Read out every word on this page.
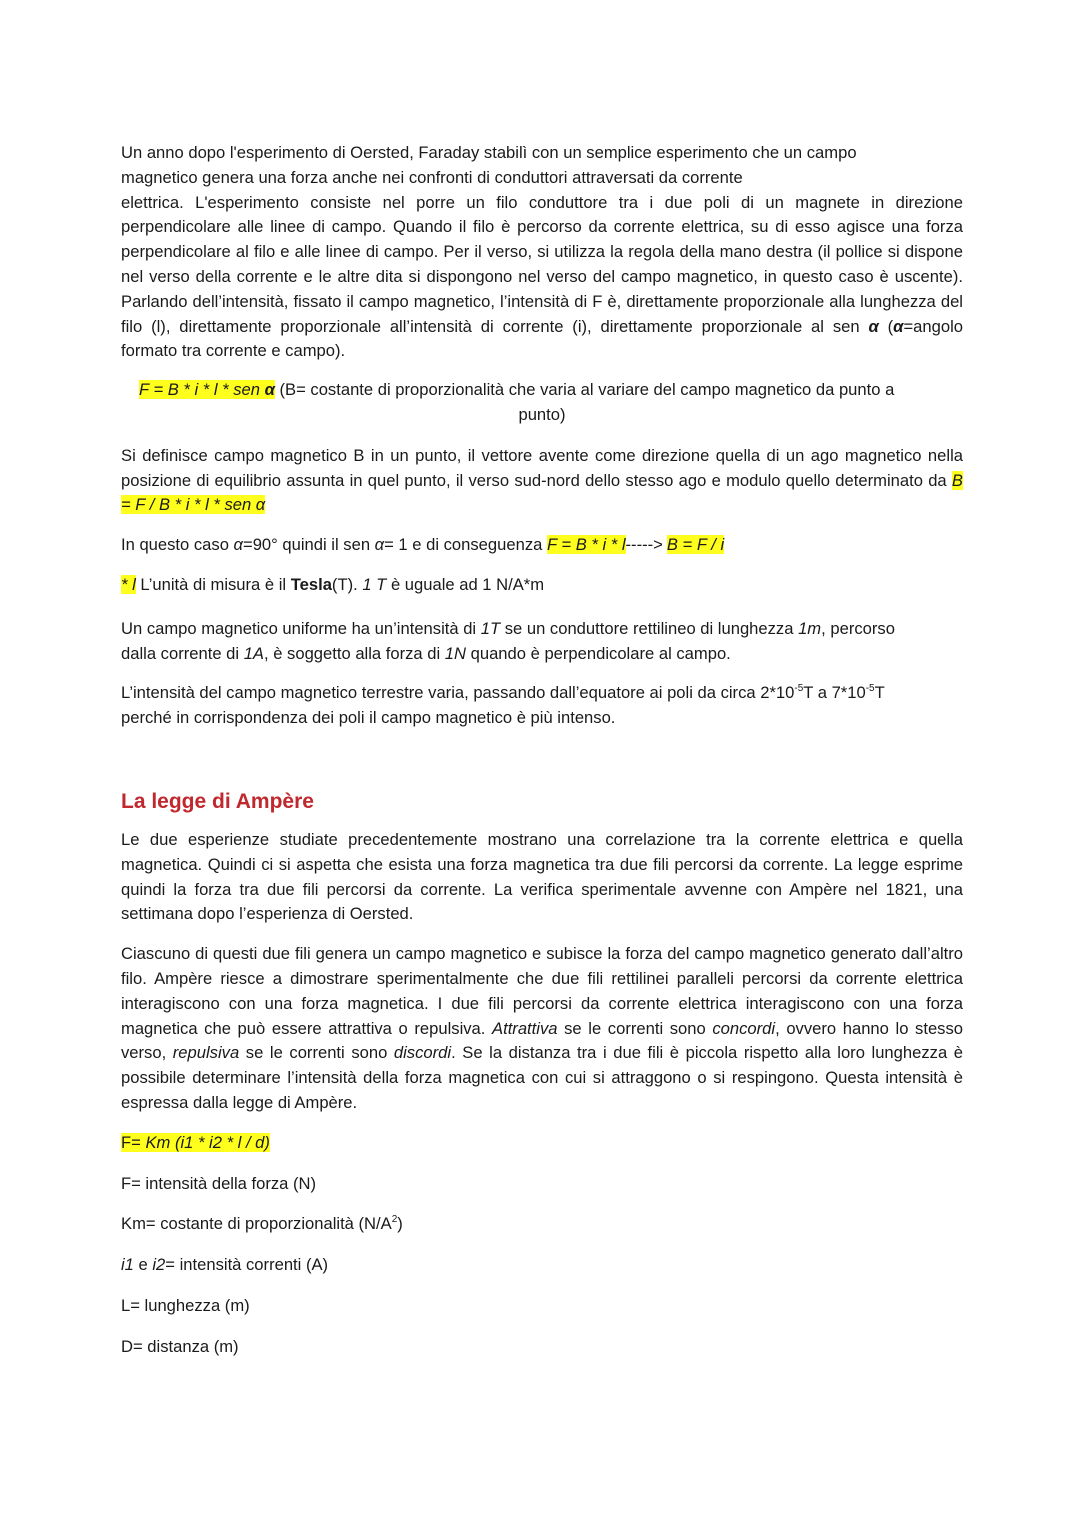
Un anno dopo l'esperimento di Oersted, Faraday stabilì con un semplice esperimento che un campo
magnetico genera una forza anche nei confronti di conduttori attraversati da corrente

elettrica. L'esperimento consiste nel porre un filo conduttore tra i due poli di un magnete in direzione perpendicolare alle linee di campo. Quando il filo è percorso da corrente elettrica, su di esso agisce una forza perpendicolare al filo e alle linee di campo. Per il verso, si utilizza la regola della mano destra (il pollice si dispone nel verso della corrente e le altre dita si dispongono nel verso del campo magnetico, in questo caso è uscente). Parlando dell’intensità, fissato il campo magnetico, l’intensità di F è, direttamente proporzionale alla lunghezza del filo (l), direttamente proporzionale all’intensità di corrente (i), direttamente proporzionale al sen α (α=angolo formato tra corrente e campo).

F = B * i * l * sen α (B= costante di proporzionalità che varia al variare del campo magnetico da punto a

punto)

Si definisce campo magnetico B in un punto, il vettore avente come direzione quella di un ago magnetico nella posizione di equilibrio assunta in quel punto, il verso sud-nord dello stesso ago e modulo quello determinato da B = F / B * i * l * sen α

In questo caso α=90° quindi il sen α= 1 e di conseguenza F = B * i * l-----> B = F / i

* l L’unità di misura è il Tesla(T). 1 T è uguale ad 1 N/A*m

Un campo magnetico uniforme ha un’intensità di 1T se un conduttore rettilineo di lunghezza 1m, percorso
dalla corrente di 1A, è soggetto alla forza di 1N quando è perpendicolare al campo.

L’intensità del campo magnetico terrestre varia, passando dall’equatore ai poli da circa $2*10^{-5}T$ a $7*10^{-5}T$
perché in corrispondenza dei poli il campo magnetico è più intenso.

La legge di Ampère

Le due esperienze studiate precedentemente mostrano una correlazione tra la corrente elettrica e quella magnetica. Quindi ci si aspetta che esista una forza magnetica tra due fili percorsi da corrente. La legge esprime quindi la forza tra due fili percorsi da corrente. La verifica sperimentale avvenne con Ampère nel 1821, una settimana dopo l’esperienza di Oersted.

Ciascuno di questi due fili genera un campo magnetico e subisce la forza del campo magnetico generato dall’altro filo. Ampère riesce a dimostrare sperimentalmente che due fili rettilinei paralleli percorsi da corrente elettrica interagiscono con una forza magnetica. I due fili percorsi da corrente elettrica interagiscono con una forza magnetica che può essere attrattiva o repulsiva. Attrattiva se le correnti sono concordi, ovvero hanno lo stesso verso, repulsiva se le correnti sono discordi. Se la distanza tra i due fili è piccola rispetto alla loro lunghezza è possibile determinare l’intensità della forza magnetica con cui si attraggono o si respingono. Questa intensità è espressa dalla legge di Ampère.

F= Km (i1 * i2 * l / d)

F= intensità della forza (N)

Km= costante di proporzionalità $(N/A^2)$

i1 e i2= intensità correnti (A)

L= lunghezza (m)

D= distanza (m)
